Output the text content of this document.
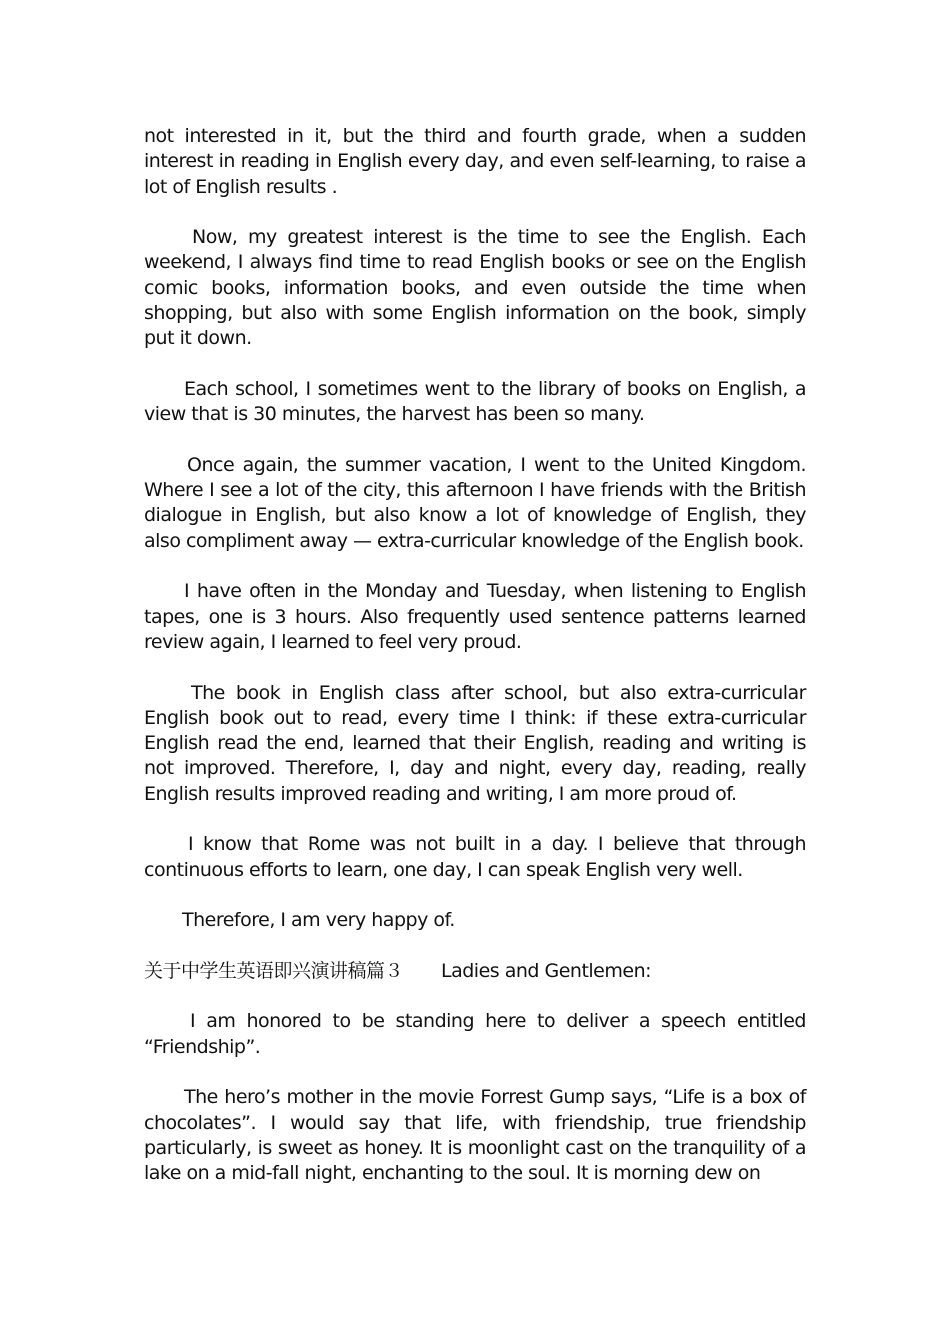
not interested in it, but the third and fourth grade, when a sudden interest in reading in English every day, and even self-learning, to raise a lot of English results .

Now, my greatest interest is the time to see the English. Each weekend, I always find time to read English books or see on the English comic books, information books, and even outside the time when shopping, but also with some English information on the book, simply put it down.

Each school, I sometimes went to the library of books on English, a view that is 30 minutes, the harvest has been so many.

Once again, the summer vacation, I went to the United Kingdom. Where I see a lot of the city, this afternoon I have friends with the British dialogue in English, but also know a lot of knowledge of English, they also compliment away — extra-curricular knowledge of the English book.

I have often in the Monday and Tuesday, when listening to English tapes, one is 3 hours. Also frequently used sentence patterns learned review again, I learned to feel very proud.

The book in English class after school, but also extra-curricular English book out to read, every time I think: if these extra-curricular English read the end, learned that their English, reading and writing is not improved. Therefore, I, day and night, every day, reading, really English results improved reading and writing, I am more proud of.

I know that Rome was not built in a day. I believe that through continuous efforts to learn, one day, I can speak English very well.

Therefore, I am very happy of.

关于中学生英语即兴演讲稿篇３ Ladies and Gentlemen:

I am honored to be standing here to deliver a speech entitled “Friendship”.

The hero’s mother in the movie Forrest Gump says, “Life is a box of chocolates”. I would say that life, with friendship, true friendship particularly, is sweet as honey. It is moonlight cast on the tranquility of a lake on a mid-fall night, enchanting to the soul. It is morning dew on
